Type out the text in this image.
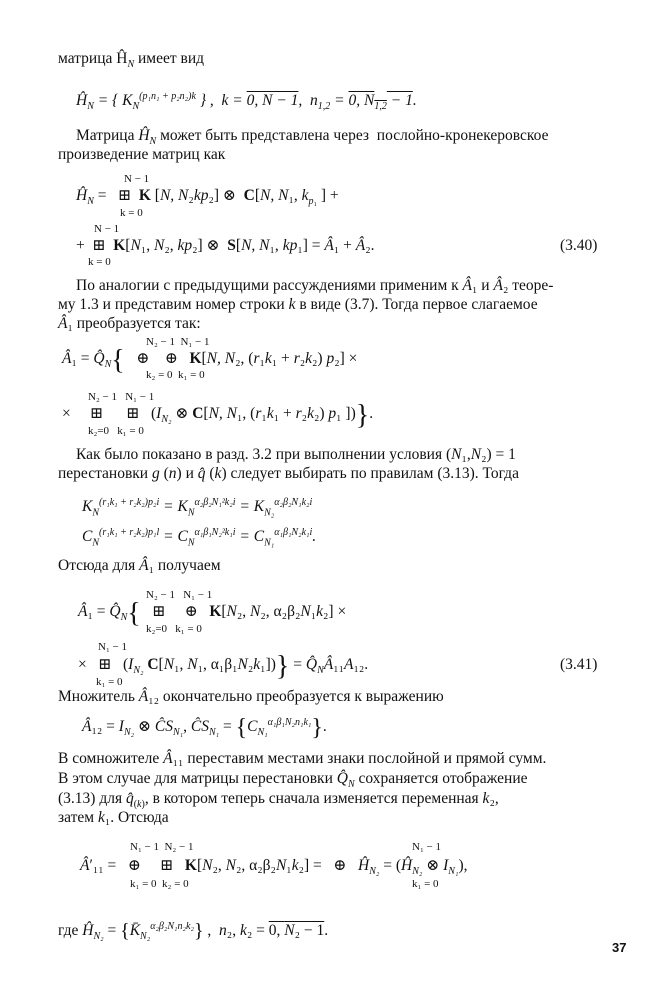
матрица $Ĥ_N$ имеет вид
$Ĥ_N$ = { $K_N^{(p_1n_1 + p_2n_2)k}$ } ,  k = 0, N − 1,  $n_{1,2} = 0$, $N_{1,2} - 1$.
Матрица $Ĥ_N$ может быть представлена через  послойно-кронекеровское
произведение матриц как
N − 1
$Ĥ_N$ =   ⊞  K [N, N₂kp₂] ⊗  C[N, N₁, $k_{p_1}$ ] +
k = 0
N − 1
+  ⊞  K[N₁, N₂, kp₂] ⊗  S[N, N₁, kp₁] = Â₁ + Â₂.
k = 0
(3.40)
По аналогии с предыдущими рассуждениями применим к Â₁ и Â₂ теоре-
му 1.3 и представим номер строки k в виде (3.7). Тогда первое слагаемое
Â₁ преобразуется так:
N₂ − 1  N₁ − 1
Â₁ = $Q̂_N${   ⊕    ⊕   K[N, N₂, (r₁k₁ + r₂k₂) p₂] ×
k₂ = 0  k₁ = 0
N₂ − 1   N₁ − 1
×     ⊞      ⊞   ($I_{N_2}$ ⊗ C[N, N₁, (r₁k₁ + r₂k₂) p₁ ])}.
k₂=0   k₁ = 0
Как было показано в разд. 3.2 при выполнении условия (N₁,N₂) = 1
перестановки g (n) и q̂ (k) следует выбирать по правилам (3.13). Тогда
$K_N^{(r_1k_1 + r_2k_2)p_2i} = K_N^{\alpha_2\beta_2N_1^2k_2i} = K_{N_2}^{\alpha_2\beta_2N_1k_2i}$
$C_N^{(r_1k_1 + r_2k_2)p_1l} = C_N^{\alpha_1\beta_1N_2^2k_1i} = C_{N_1}^{\alpha_1\beta_1N_2k_1i}$.
Отсюда для Â₁ получаем
N₂ − 1   N₁ − 1
Â₁ = $Q̂_N${   ⊞     ⊕   K[N₂, N₂, α₂β₂N₁k₂] ×
k₂=0   k₁ = 0
N₁ − 1
×   ⊞   ($I_{N_2}$ C[N₁, N₁, $\alpha_1\beta_1N_2k_1])\} = Q̂_NÂ_{11}A_{12}$.
k₁ = 0
(3.41)
Множитель Â₁₂ окончательно преобразуется к выражению
Â₁₂ = $I_{N_2}$ ⊗ $ĈS_{N_1}$, $ĈS_{N_1} = \{C_{N_1}^{\alpha_1\beta_1N_2n_1k_1}\}$.
В сомножителе Â₁₁ переставим местами знаки послойной и прямой сумм.
В этом случае для матрицы перестановки $Q̂_N$ сохраняется отображение
(3.13) для $q̂_{(k)}$, в котором теперь сначала изменяется переменная k₂,
затем k₁. Отсюда
N₁ − 1  N₂ − 1	N₁ − 1
Â′₁₁ =   ⊕     ⊞   K[N₂, N₂, α₂β₂N₁k₂] =   ⊕   $Ĥ_{N_2}$ = ($Ĥ_{N_2}$ ⊗ $I_{N_1}$),
k₁ = 0  k₂ = 0	k₁ = 0
где $Ĥ_{N_2}$ = $\{K̄_{N_2}^{\alpha_2\beta_2N_1n_2k_2}\}$ ,  n₂, k₂ = 0, N₂ − 1.
37
